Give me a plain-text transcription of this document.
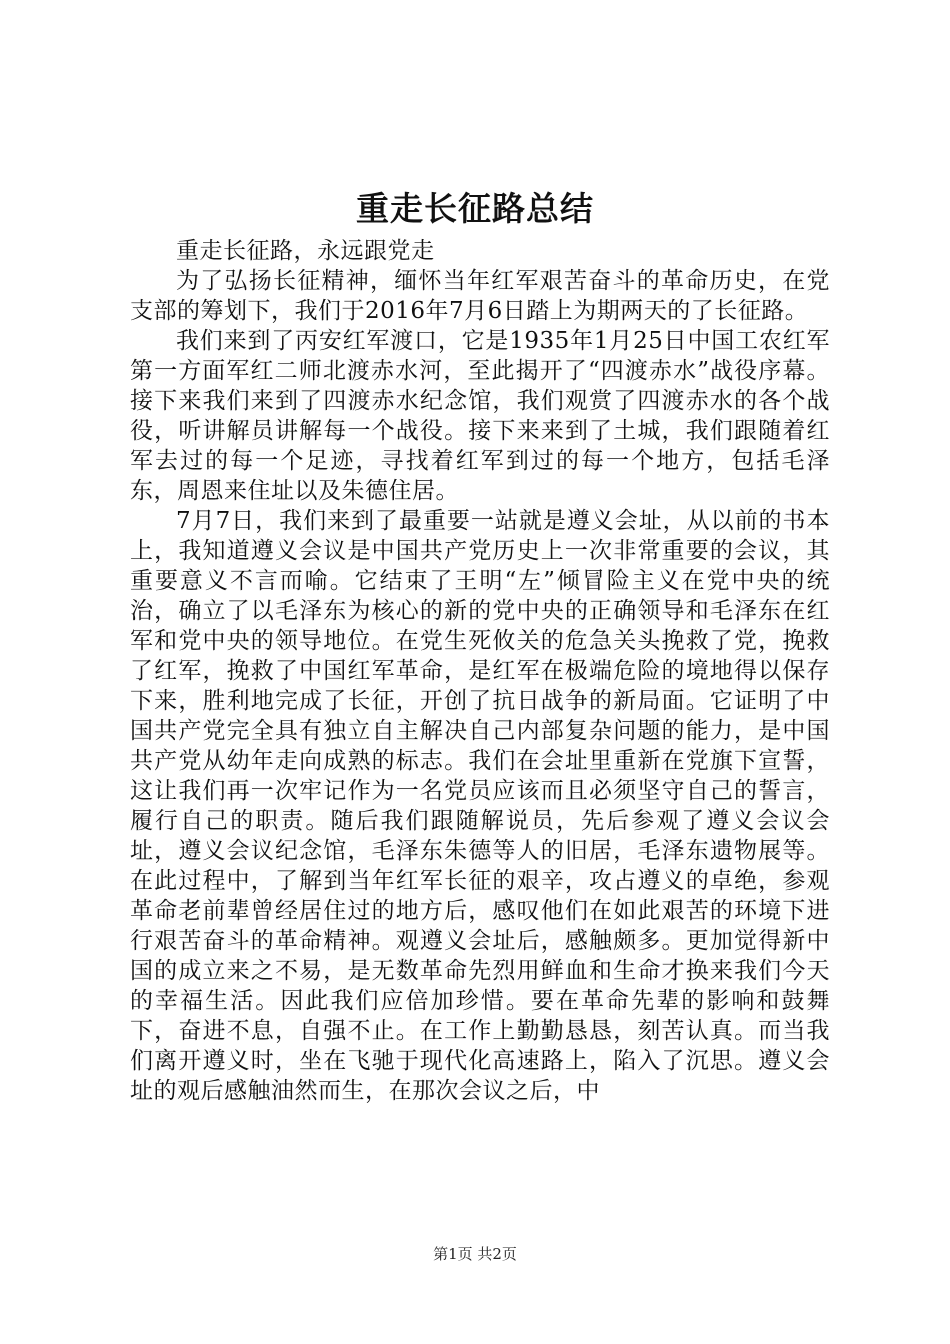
重走长征路总结

重走长征路，永远跟党走

为了弘扬长征精神，缅怀当年红军艰苦奋斗的革命历史，在党支部的筹划下，我们于2016年7月6日踏上为期两天的了长征路。

我们来到了丙安红军渡口，它是1935年1月25日中国工农红军第一方面军红二师北渡赤水河，至此揭开了“四渡赤水”战役序幕。接下来我们来到了四渡赤水纪念馆，我们观赏了四渡赤水的各个战役，听讲解员讲解每一个战役。接下来来到了土城，我们跟随着红军去过的每一个足迹，寻找着红军到过的每一个地方，包括毛泽东，周恩来住址以及朱德住居。

7月7日，我们来到了最重要一站就是遵义会址，从以前的书本上，我知道遵义会议是中国共产党历史上一次非常重要的会议，其重要意义不言而喻。它结束了王明“左”倾冒险主义在党中央的统治，确立了以毛泽东为核心的新的党中央的正确领导和毛泽东在红军和党中央的领导地位。在党生死攸关的危急关头挽救了党，挽救了红军，挽救了中国红军革命，是红军在极端危险的境地得以保存下来，胜利地完成了长征，开创了抗日战争的新局面。它证明了中国共产党完全具有独立自主解决自己内部复杂问题的能力，是中国共产党从幼年走向成熟的标志。我们在会址里重新在党旗下宣誓，这让我们再一次牢记作为一名党员应该而且必须坚守自己的誓言，履行自己的职责。随后我们跟随解说员，先后参观了遵义会议会址，遵义会议纪念馆，毛泽东朱德等人的旧居，毛泽东遗物展等。在此过程中，了解到当年红军长征的艰辛，攻占遵义的卓绝，参观革命老前辈曾经居住过的地方后，感叹他们在如此艰苦的环境下进行艰苦奋斗的革命精神。观遵义会址后，感触颇多。更加觉得新中国的成立来之不易，是无数革命先烈用鲜血和生命才换来我们今天的幸福生活。因此我们应倍加珍惜。要在革命先辈的影响和鼓舞下，奋进不息，自强不止。在工作上勤勤恳恳，刻苦认真。而当我们离开遵义时，坐在飞驰于现代化高速路上，陷入了沉思。遵义会址的观后感触油然而生，在那次会议之后，中

第1页 共2页
